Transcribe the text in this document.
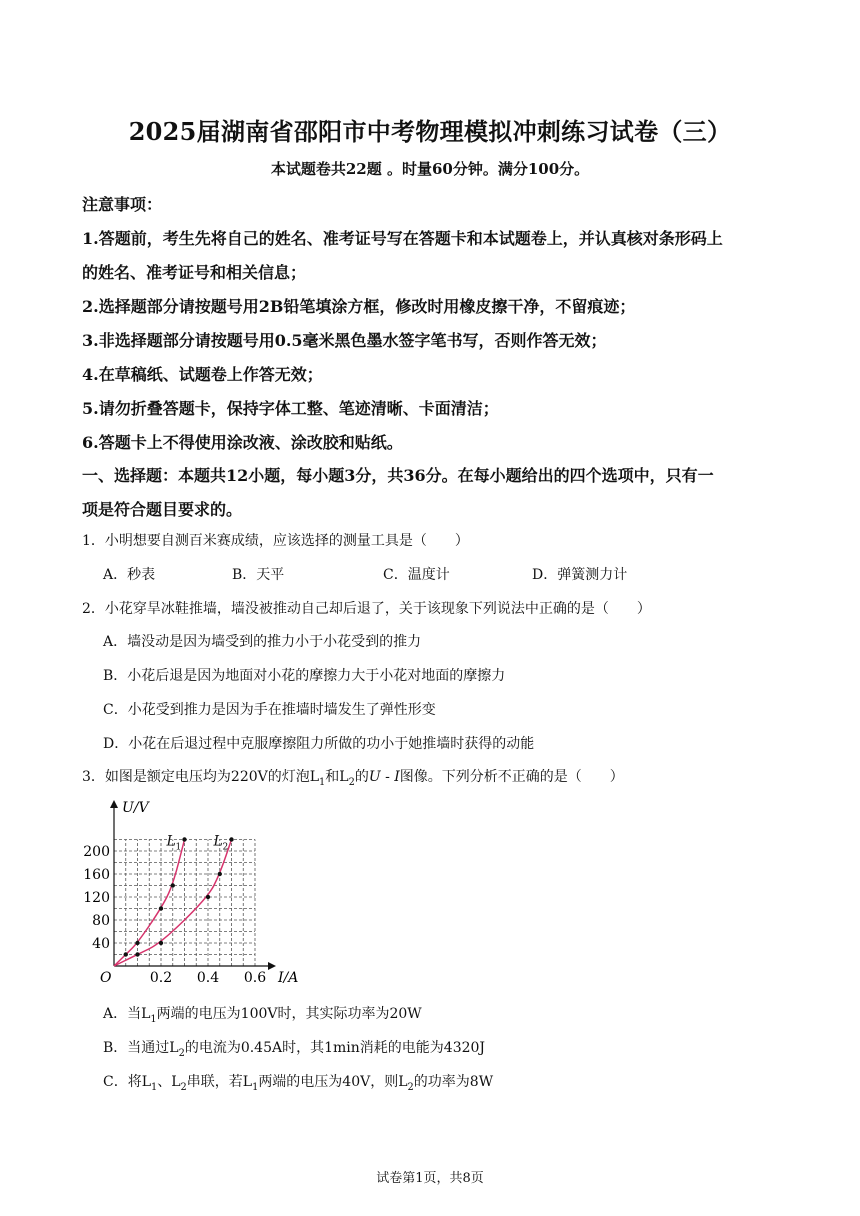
2025届湖南省邵阳市中考物理模拟冲刺练习试卷（三）
本试题卷共22题 。时量60分钟。满分100分。
注意事项：
1.答题前，考生先将自己的姓名、准考证号写在答题卡和本试题卷上，并认真核对条形码上
的姓名、准考证号和相关信息；
2.选择题部分请按题号用2B铅笔填涂方框，修改时用橡皮擦干净，不留痕迹；
3.非选择题部分请按题号用0.5毫米黑色墨水签字笔书写，否则作答无效；
4.在草稿纸、试题卷上作答无效；
5.请勿折叠答题卡，保持字体工整、笔迹清晰、卡面清洁；
6.答题卡上不得使用涂改液、涂改胶和贴纸。
一、选择题：本题共12小题，每小题3分，共36分。在每小题给出的四个选项中，只有一
项是符合题目要求的。
1．小明想要自测百米赛成绩，应该选择的测量工具是（　　）
A．秒表	B．天平	C．温度计	D．弹簧测力计
2．小花穿旱冰鞋推墙，墙没被推动自己却后退了，关于该现象下列说法中正确的是（　　）
A．墙没动是因为墙受到的推力小于小花受到的推力
B．小花后退是因为地面对小花的摩擦力大于小花对地面的摩擦力
C．小花受到推力是因为手在推墙时墙发生了弹性形变
D．小花在后退过程中克服摩擦阻力所做的功小于她推墙时获得的动能
3．如图是额定电压均为220V的灯泡$L_1$和$L_2$的U - I图像。下列分析不正确的是（　　）
U/V
I/A
O
40
80
120
160
200
0.2 0.4 0.6
L 1 L 2
A．当$L_1$两端的电压为100V时，其实际功率为20W
B．当通过$L_2$的电流为0.45A时，其1min消耗的电能为4320J
C．将$L_1$、$L_2$串联，若$L_1$两端的电压为40V，则$L_2$的功率为8W
试卷第1页，共8页
